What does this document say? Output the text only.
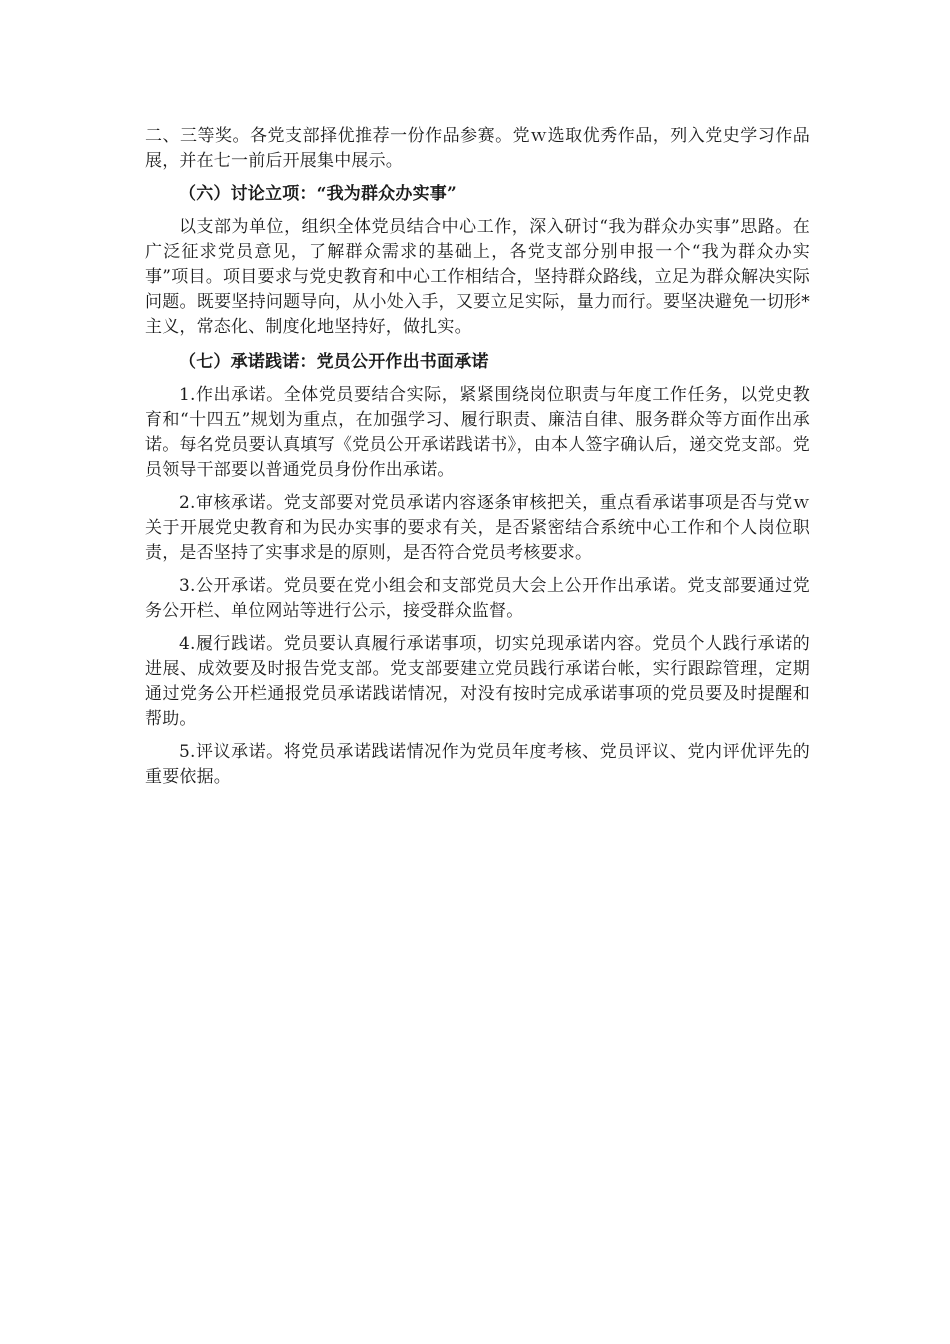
二、三等奖。各党支部择优推荐一份作品参赛。党ｗ选取优秀作品，列入党史学习作品展，并在七一前后开展集中展示。

（六）讨论立项：“我为群众办实事”

以支部为单位，组织全体党员结合中心工作，深入研讨“我为群众办实事”思路。在广泛征求党员意见，了解群众需求的基础上，各党支部分别申报一个“我为群众办实事”项目。项目要求与党史教育和中心工作相结合，坚持群众路线，立足为群众解决实际问题。既要坚持问题导向，从小处入手，又要立足实际，量力而行。要坚决避免一切形*主义，常态化、制度化地坚持好，做扎实。

（七）承诺践诺：党员公开作出书面承诺

1.作出承诺。全体党员要结合实际，紧紧围绕岗位职责与年度工作任务，以党史教育和“十四五”规划为重点，在加强学习、履行职责、廉洁自律、服务群众等方面作出承诺。每名党员要认真填写《党员公开承诺践诺书》，由本人签字确认后，递交党支部。党员领导干部要以普通党员身份作出承诺。

2.审核承诺。党支部要对党员承诺内容逐条审核把关，重点看承诺事项是否与党ｗ关于开展党史教育和为民办实事的要求有关，是否紧密结合系统中心工作和个人岗位职责，是否坚持了实事求是的原则，是否符合党员考核要求。

3.公开承诺。党员要在党小组会和支部党员大会上公开作出承诺。党支部要通过党务公开栏、单位网站等进行公示，接受群众监督。

4.履行践诺。党员要认真履行承诺事项，切实兑现承诺内容。党员个人践行承诺的进展、成效要及时报告党支部。党支部要建立党员践行承诺台帐，实行跟踪管理，定期通过党务公开栏通报党员承诺践诺情况，对没有按时完成承诺事项的党员要及时提醒和帮助。

5.评议承诺。将党员承诺践诺情况作为党员年度考核、党员评议、党内评优评先的重要依据。
